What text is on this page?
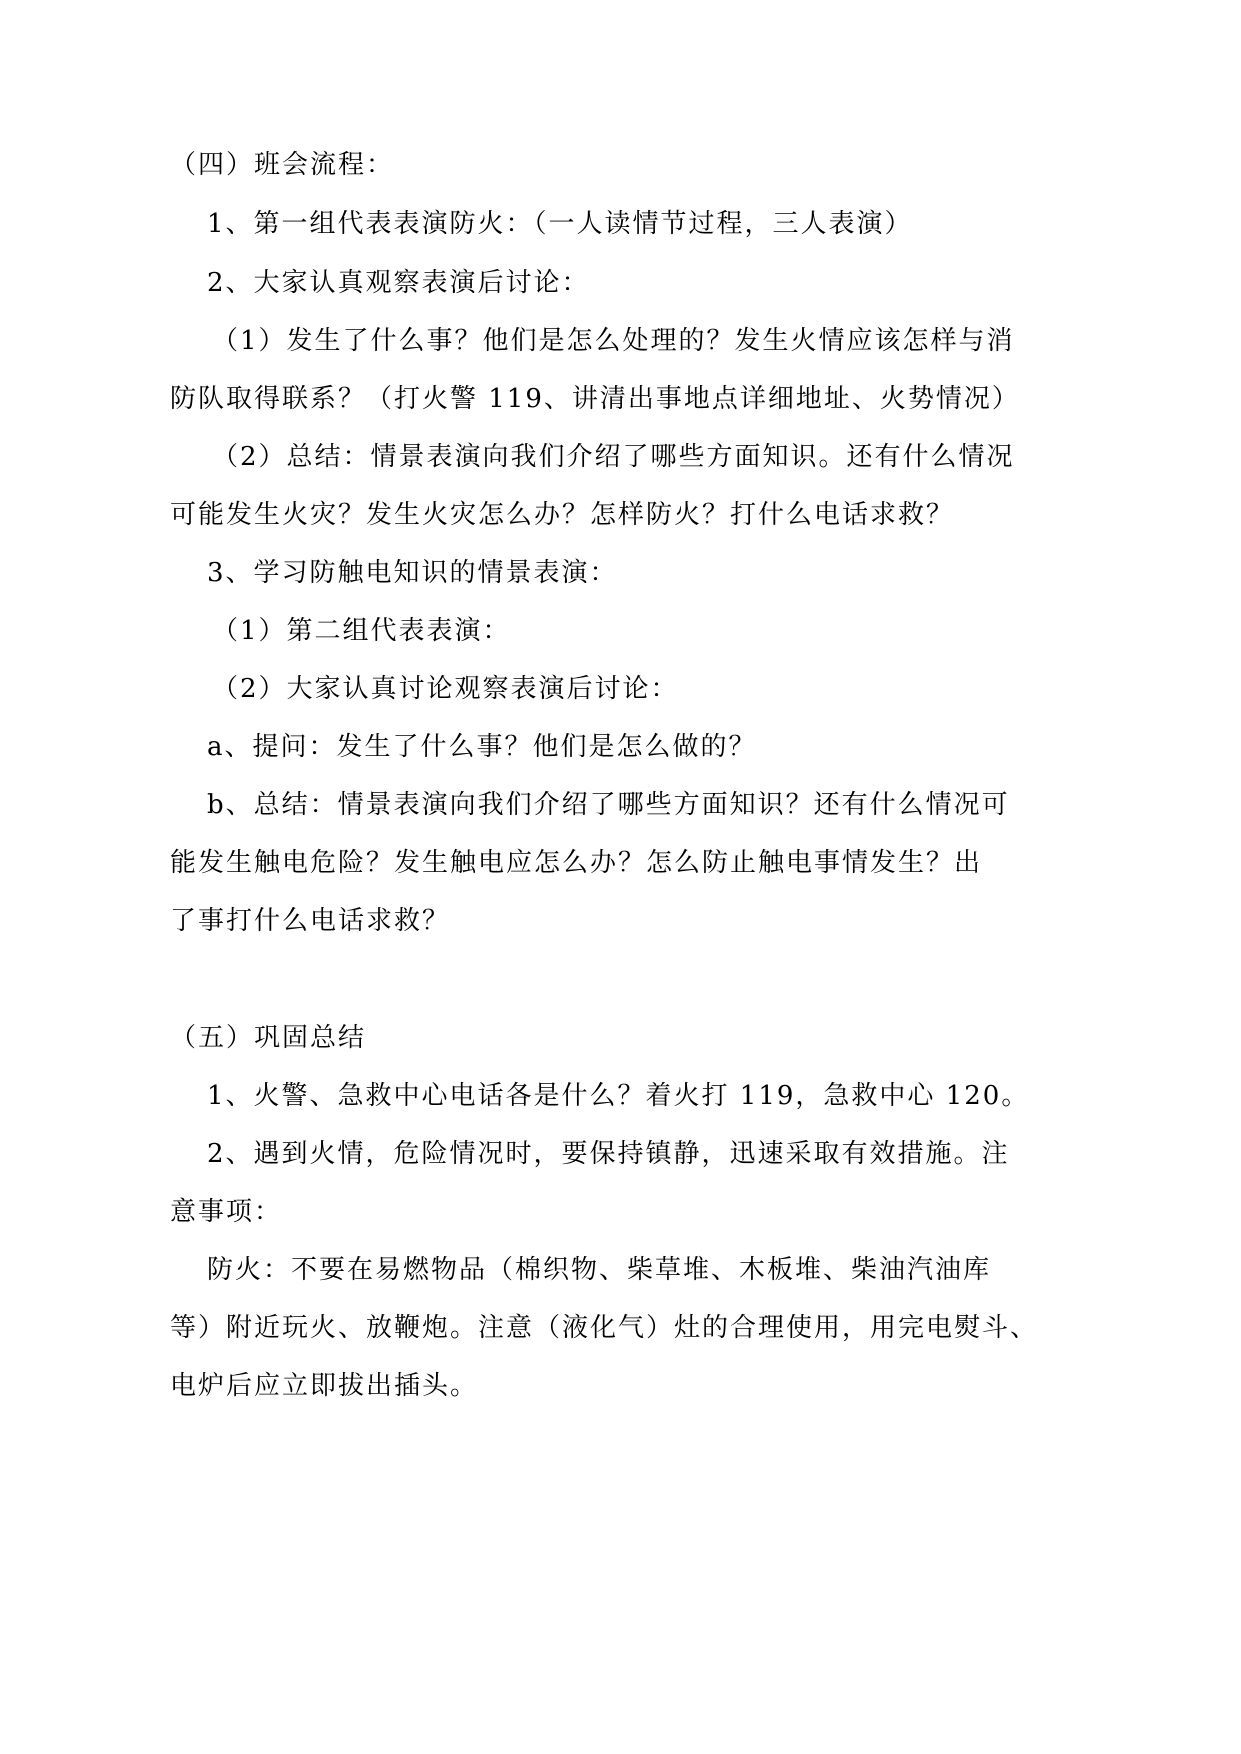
（四）班会流程：
1、第一组代表表演防火：（一人读情节过程，三人表演）
2、大家认真观察表演后讨论：
（1）发生了什么事？他们是怎么处理的？发生火情应该怎样与消
防队取得联系？（打火警 119、讲清出事地点详细地址、火势情况）
（2）总结：情景表演向我们介绍了哪些方面知识。还有什么情况
可能发生火灾？发生火灾怎么办？怎样防火？打什么电话求救？
3、学习防触电知识的情景表演：
（1）第二组代表表演：
（2）大家认真讨论观察表演后讨论：
a、提问：发生了什么事？他们是怎么做的？
b、总结：情景表演向我们介绍了哪些方面知识？还有什么情况可
能发生触电危险？发生触电应怎么办？怎么防止触电事情发生？出
了事打什么电话求救？
（五）巩固总结
1、火警、急救中心电话各是什么？着火打 119，急救中心 120。
2、遇到火情，危险情况时，要保持镇静，迅速采取有效措施。注
意事项：
防火：不要在易燃物品（棉织物、柴草堆、木板堆、柴油汽油库
等）附近玩火、放鞭炮。注意（液化气）灶的合理使用，用完电熨斗、
电炉后应立即拔出插头。
